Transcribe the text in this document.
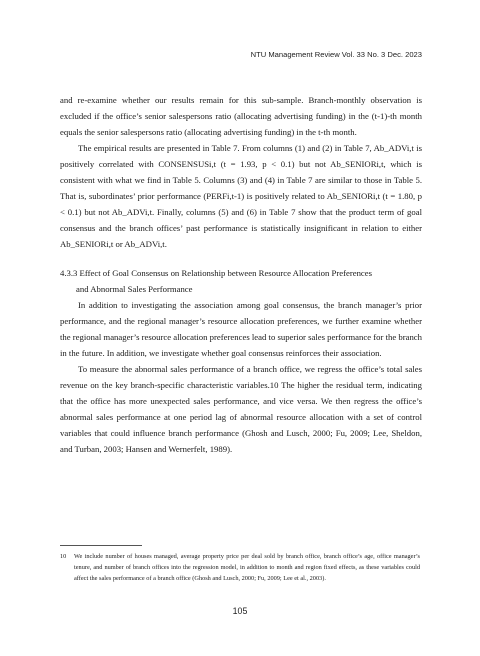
NTU Management Review Vol. 33 No. 3 Dec. 2023

and re-examine whether our results remain for this sub-sample. Branch-monthly observation is excluded if the office’s senior salespersons ratio (allocating advertising funding) in the (t-1)-th month equals the senior salespersons ratio (allocating advertising funding) in the t-th month.

The empirical results are presented in Table 7. From columns (1) and (2) in Table 7, Ab_ADVi,t is positively correlated with CONSENSUSi,t (t = 1.93, p < 0.1) but not Ab_SENIORi,t, which is consistent with what we find in Table 5. Columns (3) and (4) in Table 7 are similar to those in Table 5. That is, subordinates’ prior performance (PERFi,t-1) is positively related to Ab_SENIORi,t (t = 1.80, p < 0.1) but not Ab_ADVi,t. Finally, columns (5) and (6) in Table 7 show that the product term of goal consensus and the branch offices’ past performance is statistically insignificant in relation to either Ab_SENIORi,t or Ab_ADVi,t.

4.3.3 Effect of Goal Consensus on Relationship between Resource Allocation Preferences

and Abnormal Sales Performance

In addition to investigating the association among goal consensus, the branch manager’s prior performance, and the regional manager’s resource allocation preferences, we further examine whether the regional manager’s resource allocation preferences lead to superior sales performance for the branch in the future. In addition, we investigate whether goal consensus reinforces their association.

To measure the abnormal sales performance of a branch office, we regress the office’s total sales revenue on the key branch-specific characteristic variables.10 The higher the residual term, indicating that the office has more unexpected sales performance, and vice versa. We then regress the office’s abnormal sales performance at one period lag of abnormal resource allocation with a set of control variables that could influence branch performance (Ghosh and Lusch, 2000; Fu, 2009; Lee, Sheldon, and Turban, 2003; Hansen and Wernerfelt, 1989).

10 We include number of houses managed, average property price per deal sold by branch office, branch office’s age, office manager’s tenure, and number of branch offices into the regression model, in addition to month and region fixed effects, as these variables could affect the sales performance of a branch office (Ghosh and Lusch, 2000; Fu, 2009; Lee et al., 2003).
105
